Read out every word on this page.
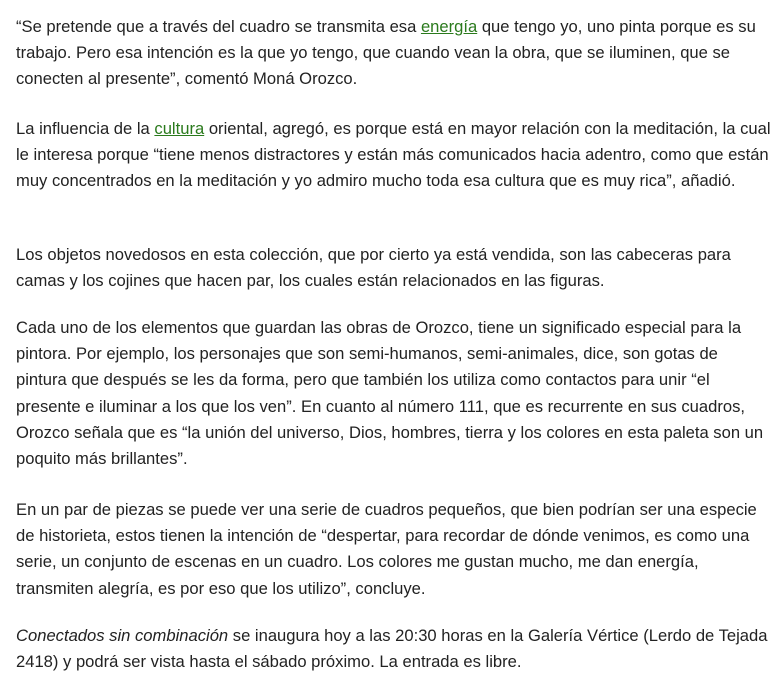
“Se pretende que a través del cuadro se transmita esa energía que tengo yo, uno pinta porque es su trabajo. Pero esa intención es la que yo tengo, que cuando vean la obra, que se iluminen, que se conecten al presente”, comentó Moná Orozco.

La influencia de la cultura oriental, agregó, es porque está en mayor relación con la meditación, la cual le interesa porque “tiene menos distractores y están más comunicados hacia adentro, como que están muy concentrados en la meditación y yo admiro mucho toda esa cultura que es muy rica”, añadió.

Los objetos novedosos en esta colección, que por cierto ya está vendida, son las cabeceras para camas y los cojines que hacen par, los cuales están relacionados en las figuras.

Cada uno de los elementos que guardan las obras de Orozco, tiene un significado especial para la pintora. Por ejemplo, los personajes que son semi-humanos, semi-animales, dice, son gotas de pintura que después se les da forma, pero que también los utiliza como contactos para unir “el presente e iluminar a los que los ven”. En cuanto al número 111, que es recurrente en sus cuadros, Orozco señala que es “la unión del universo, Dios, hombres, tierra y los colores en esta paleta son un poquito más brillantes”.

En un par de piezas se puede ver una serie de cuadros pequeños, que bien podrían ser una especie de historieta, estos tienen la intención de “despertar, para recordar de dónde venimos, es como una serie, un conjunto de escenas en un cuadro. Los colores me gustan mucho, me dan energía, transmiten alegría, es por eso que los utilizo”, concluye.

Conectados sin combinación se inaugura hoy a las 20:30 horas en la Galería Vértice (Lerdo de Tejada 2418) y podrá ser vista hasta el sábado próximo. La entrada es libre.
